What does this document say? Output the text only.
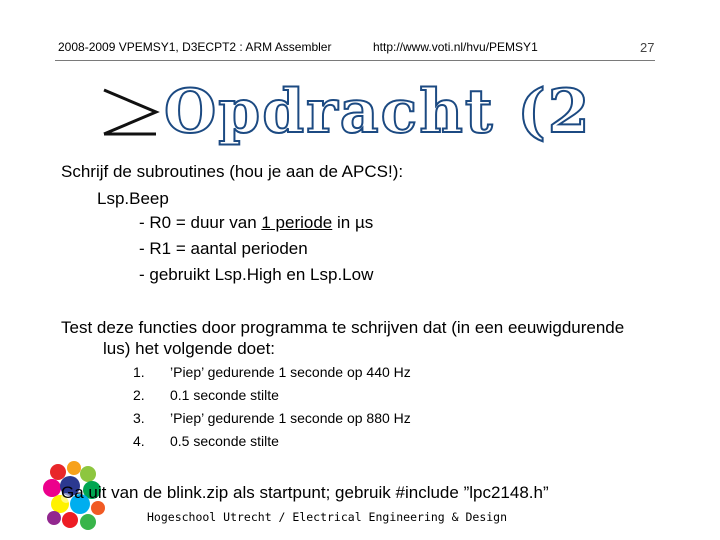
2008-2009 VPEMSY1, D3ECPT2 : ARM Assembler	http://www.voti.nl/hvu/PEMSY1	27
Opdracht (2
Schrijf de subroutines (hou je aan de APCS!):
Lsp.Beep
- R0 = duur van 1 periode in µs
- R1 = aantal perioden
- gebruikt Lsp.High en Lsp.Low
Test deze functies door programma te schrijven dat (in een eeuwigdurende
lus) het volgende doet:
1. ’Piep’ gedurende 1 seconde op 440 Hz
2. 0.1 seconde stilte
3. ’Piep’ gedurende 1 seconde op 880 Hz
4. 0.5 seconde stilte
Ga uit van de blink.zip als startpunt; gebruik #include ”lpc2148.h”
Hogeschool Utrecht / Electrical Engineering & Design
